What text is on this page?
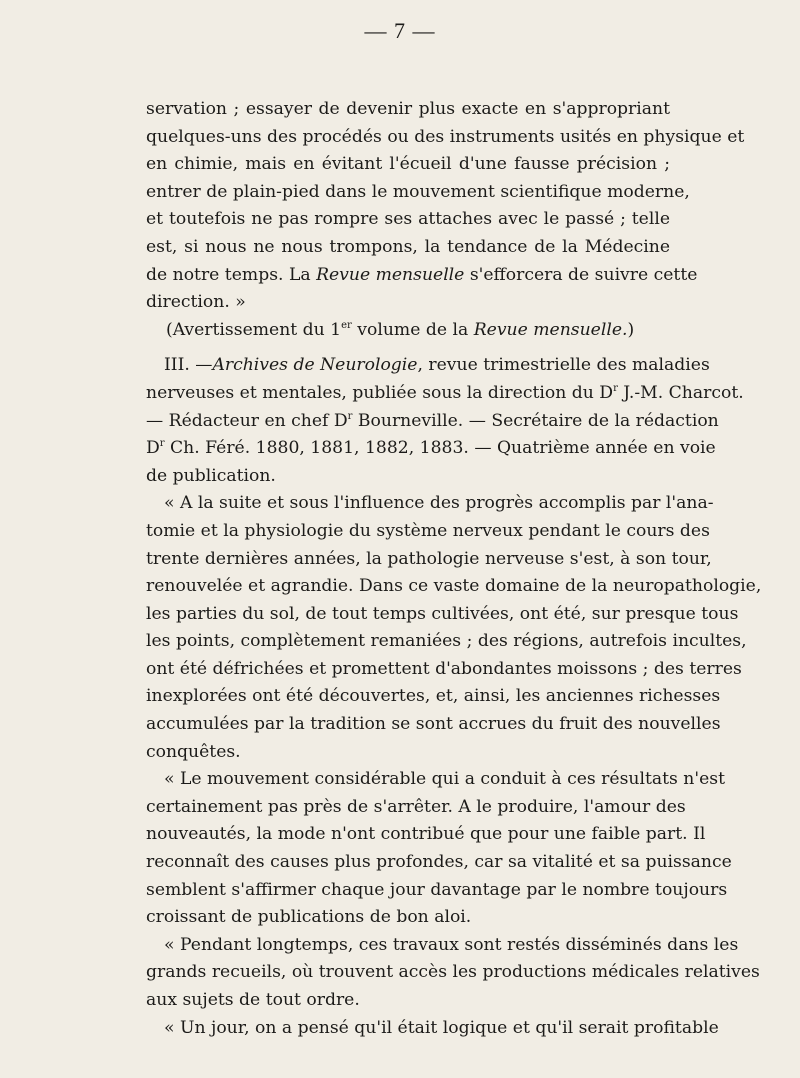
— 7 —
servation ; essayer de devenir plus exacte en s'appropriant
quelques-uns des procédés ou des instruments usités en physique et
en chimie, mais en évitant l'écueil d'une fausse précision ;
entrer de plain-pied dans le mouvement scientifique moderne,
et toutefois ne pas rompre ses attaches avec le passé ; telle
est, si nous ne nous trompons, la tendance de la Médecine
de notre temps. La Revue mensuelle s'efforcera de suivre cette
direction. »
(Avertissement du 1er volume de la Revue mensuelle.)
III. —Archives de Neurologie, revue trimestrielle des maladies
nerveuses et mentales, publiée sous la direction du $D^r$ J.-M. Charcot.
— Rédacteur en chef $D^r$ Bourneville. — Secrétaire de la rédaction
$D^r$ Ch. Féré. 1880, 1881, 1882, 1883. — Quatrième année en voie
de publication.
« A la suite et sous l'influence des progrès accomplis par l'ana-
tomie et la physiologie du système nerveux pendant le cours des
trente dernières années, la pathologie nerveuse s'est, à son tour,
renouvelée et agrandie. Dans ce vaste domaine de la neuropathologie,
les parties du sol, de tout temps cultivées, ont été, sur presque tous
les points, complètement remaniées ; des régions, autrefois incultes,
ont été défrichées et promettent d'abondantes moissons ; des terres
inexplorées ont été découvertes, et, ainsi, les anciennes richesses
accumulées par la tradition se sont accrues du fruit des nouvelles
conquêtes.
« Le mouvement considérable qui a conduit à ces résultats n'est
certainement pas près de s'arrêter. A le produire, l'amour des
nouveautés, la mode n'ont contribué que pour une faible part. Il
reconnaît des causes plus profondes, car sa vitalité et sa puissance
semblent s'affirmer chaque jour davantage par le nombre toujours
croissant de publications de bon aloi.
« Pendant longtemps, ces travaux sont restés disséminés dans les
grands recueils, où trouvent accès les productions médicales relatives
aux sujets de tout ordre.
« Un jour, on a pensé qu'il était logique et qu'il serait profitable
